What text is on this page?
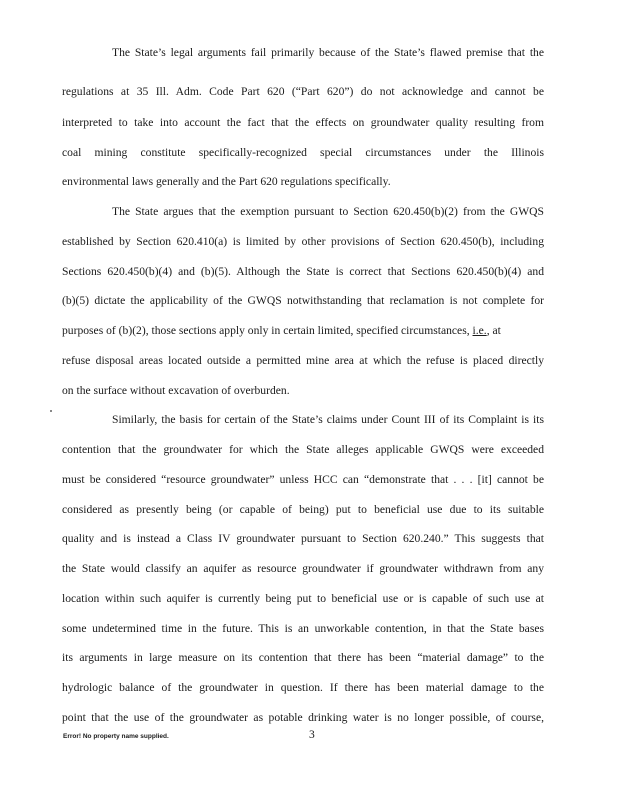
The State’s legal arguments fail primarily because of the State’s flawed premise that the
regulations at 35 Ill. Adm. Code Part 620 (“Part 620”) do not acknowledge and cannot be
interpreted to take into account the fact that the effects on groundwater quality resulting from
coal mining constitute specifically-recognized special circumstances under the Illinois
environmental laws generally and the Part 620 regulations specifically.
The State argues that the exemption pursuant to Section 620.450(b)(2) from the GWQS
established by Section 620.410(a) is limited by other provisions of Section 620.450(b), including
Sections 620.450(b)(4) and (b)(5). Although the State is correct that Sections 620.450(b)(4) and
(b)(5) dictate the applicability of the GWQS notwithstanding that reclamation is not complete for
purposes of (b)(2), those sections apply only in certain limited, specified circumstances, i.e., at
refuse disposal areas located outside a permitted mine area at which the refuse is placed directly
on the surface without excavation of overburden.
Similarly, the basis for certain of the State’s claims under Count III of its Complaint is its
contention that the groundwater for which the State alleges applicable GWQS were exceeded
must be considered “resource groundwater” unless HCC can “demonstrate that . . . [it] cannot be
considered as presently being (or capable of being) put to beneficial use due to its suitable
quality and is instead a Class IV groundwater pursuant to Section 620.240.” This suggests that
the State would classify an aquifer as resource groundwater if groundwater withdrawn from any
location within such aquifer is currently being put to beneficial use or is capable of such use at
some undetermined time in the future. This is an unworkable contention, in that the State bases
its arguments in large measure on its contention that there has been “material damage” to the
hydrologic balance of the groundwater in question. If there has been material damage to the
point that the use of the groundwater as potable drinking water is no longer possible, of course,
Error! No property name supplied.	3
